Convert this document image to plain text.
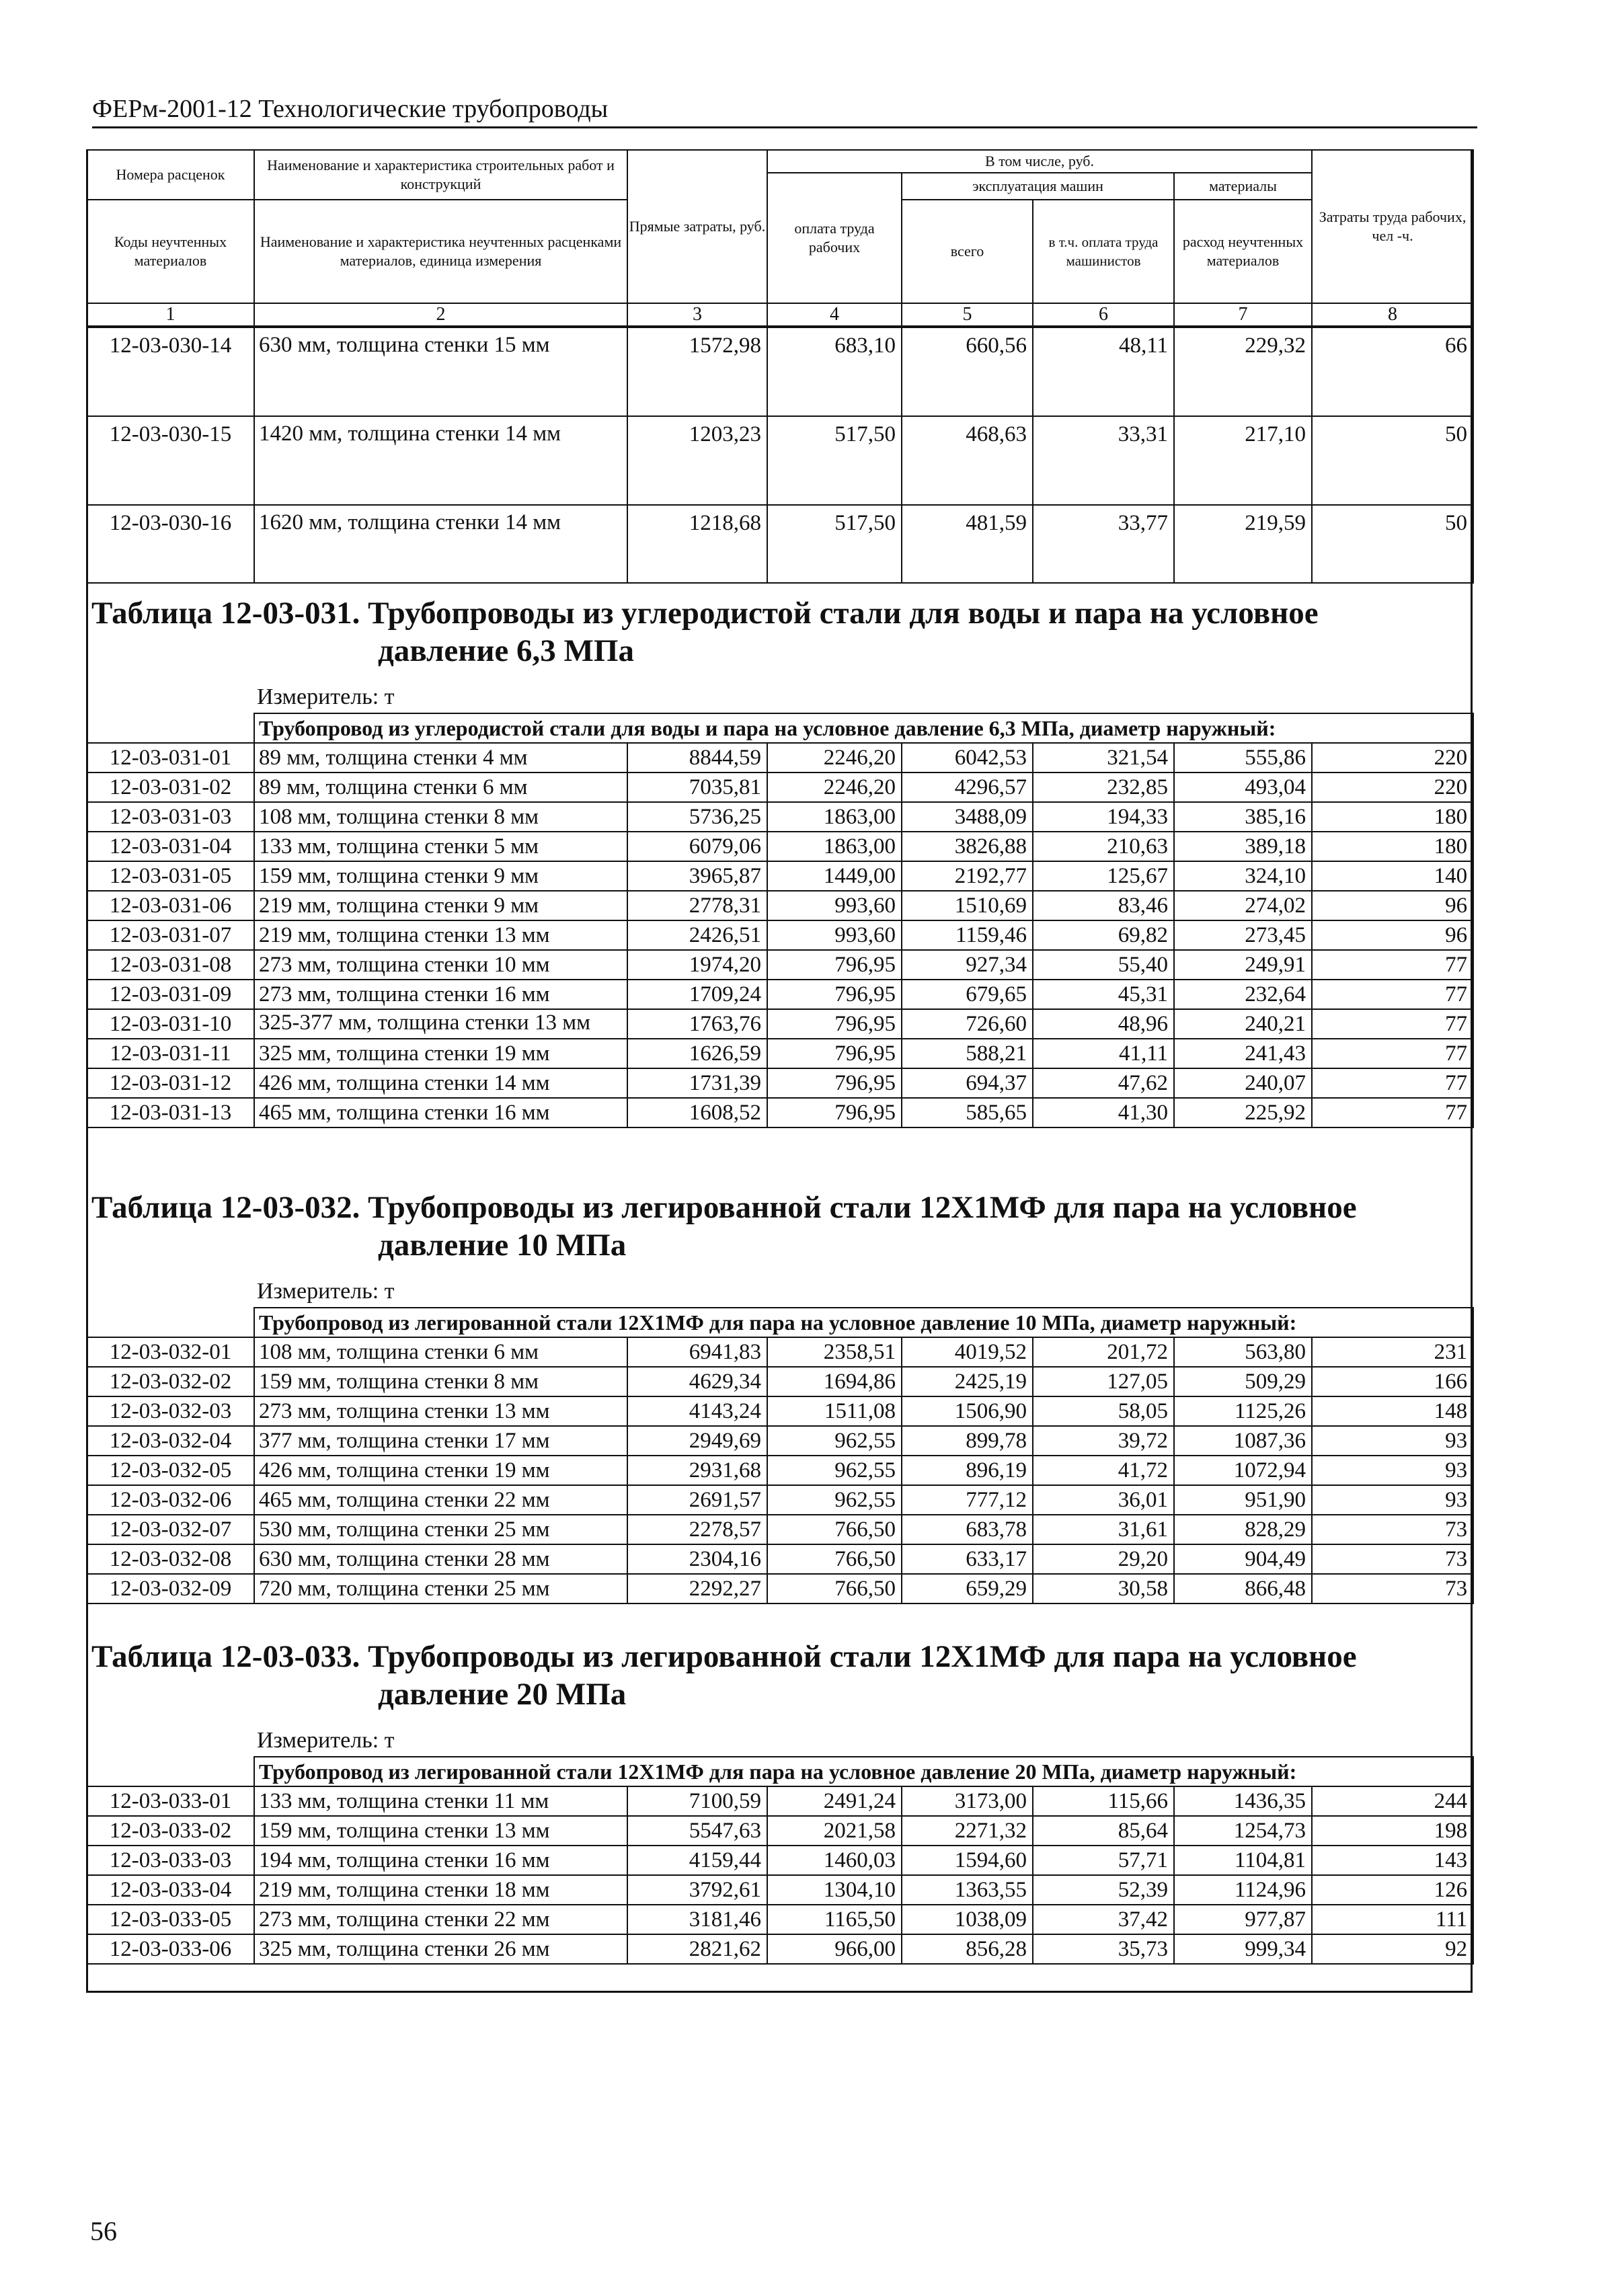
ФЕРм-2001-12 Технологические трубопроводы
Номера расценок	Наименование и характеристика строительных работ и конструкций	Прямые затраты, руб.	В том числе, руб.				Затраты труда рабочих, чел -ч.
			оплата труда рабочих	эксплуатация машин		материалы	
Коды неучтенных материалов	Наименование и характеристика неучтенных расценками материалов, единица измерения			всего	в т.ч. оплата труда машинистов	расход неучтенных материалов	
1	2	3	4	5	6	7	8
12-03-030-14	630 мм, толщина стенки 15 мм	1572,98	683,10	660,56	48,11	229,32	66
12-03-030-15	1420 мм, толщина стенки 14 мм	1203,23	517,50	468,63	33,31	217,10	50
12-03-030-16	1620 мм, толщина стенки 14 мм	1218,68	517,50	481,59	33,77	219,59	50
Таблица 12-03-031. Трубопроводы из углеродистой стали для воды и пара на условное
давление 6,3 МПа
Измеритель: т
	Трубопровод из углеродистой стали для воды и пара на условное давление 6,3 МПа, диаметр наружный:						
12-03-031-01	89 мм, толщина стенки 4 мм	8844,59	2246,20	6042,53	321,54	555,86	220
12-03-031-02	89 мм, толщина стенки 6 мм	7035,81	2246,20	4296,57	232,85	493,04	220
12-03-031-03	108 мм, толщина стенки 8 мм	5736,25	1863,00	3488,09	194,33	385,16	180
12-03-031-04	133 мм, толщина стенки 5 мм	6079,06	1863,00	3826,88	210,63	389,18	180
12-03-031-05	159 мм, толщина стенки 9 мм	3965,87	1449,00	2192,77	125,67	324,10	140
12-03-031-06	219 мм, толщина стенки 9 мм	2778,31	993,60	1510,69	83,46	274,02	96
12-03-031-07	219 мм, толщина стенки 13 мм	2426,51	993,60	1159,46	69,82	273,45	96
12-03-031-08	273 мм, толщина стенки 10 мм	1974,20	796,95	927,34	55,40	249,91	77
12-03-031-09	273 мм, толщина стенки 16 мм	1709,24	796,95	679,65	45,31	232,64	77
12-03-031-10	325-377 мм, толщина стенки 13 мм	1763,76	796,95	726,60	48,96	240,21	77
12-03-031-11	325 мм, толщина стенки 19 мм	1626,59	796,95	588,21	41,11	241,43	77
12-03-031-12	426 мм, толщина стенки 14 мм	1731,39	796,95	694,37	47,62	240,07	77
12-03-031-13	465 мм, толщина стенки 16 мм	1608,52	796,95	585,65	41,30	225,92	77
Таблица 12-03-032. Трубопроводы из легированной стали 12Х1МФ для пара на условное
давление 10 МПа
Измеритель: т
	Трубопровод из легированной стали 12Х1МФ для пара на условное давление 10 МПа, диаметр наружный:						
12-03-032-01	108 мм, толщина стенки 6 мм	6941,83	2358,51	4019,52	201,72	563,80	231
12-03-032-02	159 мм, толщина стенки 8 мм	4629,34	1694,86	2425,19	127,05	509,29	166
12-03-032-03	273 мм, толщина стенки 13 мм	4143,24	1511,08	1506,90	58,05	1125,26	148
12-03-032-04	377 мм, толщина стенки 17 мм	2949,69	962,55	899,78	39,72	1087,36	93
12-03-032-05	426 мм, толщина стенки 19 мм	2931,68	962,55	896,19	41,72	1072,94	93
12-03-032-06	465 мм, толщина стенки 22 мм	2691,57	962,55	777,12	36,01	951,90	93
12-03-032-07	530 мм, толщина стенки 25 мм	2278,57	766,50	683,78	31,61	828,29	73
12-03-032-08	630 мм, толщина стенки 28 мм	2304,16	766,50	633,17	29,20	904,49	73
12-03-032-09	720 мм, толщина стенки 25 мм	2292,27	766,50	659,29	30,58	866,48	73
Таблица 12-03-033. Трубопроводы из легированной стали 12Х1МФ для пара на условное
давление 20 МПа
Измеритель: т
	Трубопровод из легированной стали 12Х1МФ для пара на условное давление 20 МПа, диаметр наружный:						
12-03-033-01	133 мм, толщина стенки 11 мм	7100,59	2491,24	3173,00	115,66	1436,35	244
12-03-033-02	159 мм, толщина стенки 13 мм	5547,63	2021,58	2271,32	85,64	1254,73	198
12-03-033-03	194 мм, толщина стенки 16 мм	4159,44	1460,03	1594,60	57,71	1104,81	143
12-03-033-04	219 мм, толщина стенки 18 мм	3792,61	1304,10	1363,55	52,39	1124,96	126
12-03-033-05	273 мм, толщина стенки 22 мм	3181,46	1165,50	1038,09	37,42	977,87	111
12-03-033-06	325 мм, толщина стенки 26 мм	2821,62	966,00	856,28	35,73	999,34	92
56
